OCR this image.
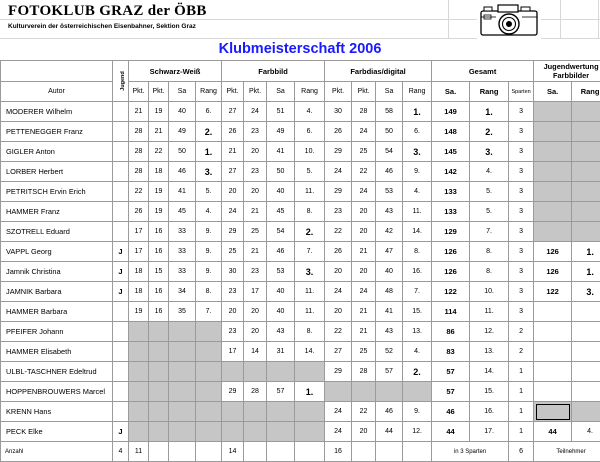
FOTOKLUB GRAZ der ÖBB
Kulturverein der österreichischen Eisenbahner, Sektion Graz
Klubmeisterschaft 2006
	Jugend	Schwarz-Weiß				Farbbild				Farbdias/digital				Gesamt			Jugendwertung Farbbilder	
Autor		Pkt.	Pkt.	Sa	Rang	Pkt.	Pkt.	Sa	Rang	Pkt.	Pkt.	Sa	Rang	Sa.	Rang	Sparten	Sa.	Rang
MODERER Wilhelm		21	19	40	6.	27	24	51	4.	30	28	58	1.	149	1.	3		
PETTENEGGER Franz		28	21	49	2.	26	23	49	6.	26	24	50	6.	148	2.	3		
GIGLER Anton		28	22	50	1.	21	20	41	10.	29	25	54	3.	145	3.	3		
LORBER Herbert		28	18	46	3.	27	23	50	5.	24	22	46	9.	142	4.	3		
PETRITSCH Ervin Erich		22	19	41	5.	20	20	40	11.	29	24	53	4.	133	5.	3		
HAMMER Franz		26	19	45	4.	24	21	45	8.	23	20	43	11.	133	5.	3		
SZOTRELL Eduard		17	16	33	9.	29	25	54	2.	22	20	42	14.	129	7.	3		
VAPPL Georg	J	17	16	33	9.	25	21	46	7.	26	21	47	8.	126	8.	3	126	1.
Jamnik Christina	J	18	15	33	9.	30	23	53	3.	20	20	40	16.	126	8.	3	126	1.
JAMNIK Barbara	J	18	16	34	8.	23	17	40	11.	24	24	48	7.	122	10.	3	122	3.
HAMMER Barbara		19	16	35	7.	20	20	40	11.	20	21	41	15.	114	11.	3		
PFEIFER Johann						23	20	43	8.	22	21	43	13.	86	12.	2		
HAMMER Elisabeth						17	14	31	14.	27	25	52	4.	83	13.	2		
ULBL-TASCHNER Edeltrud										29	28	57	2.	57	14.	1		
HOPPENBROUWERS Marcel						29	28	57	1.					57	15.	1		
KRENN Hans										24	22	46	9.	46	16.	1		
PECK Elke	J									24	20	44	12.	44	17.	1	44	4.
Anzahl	4	11				14				16				in 3 Sparten		6	Teilnehmer	
